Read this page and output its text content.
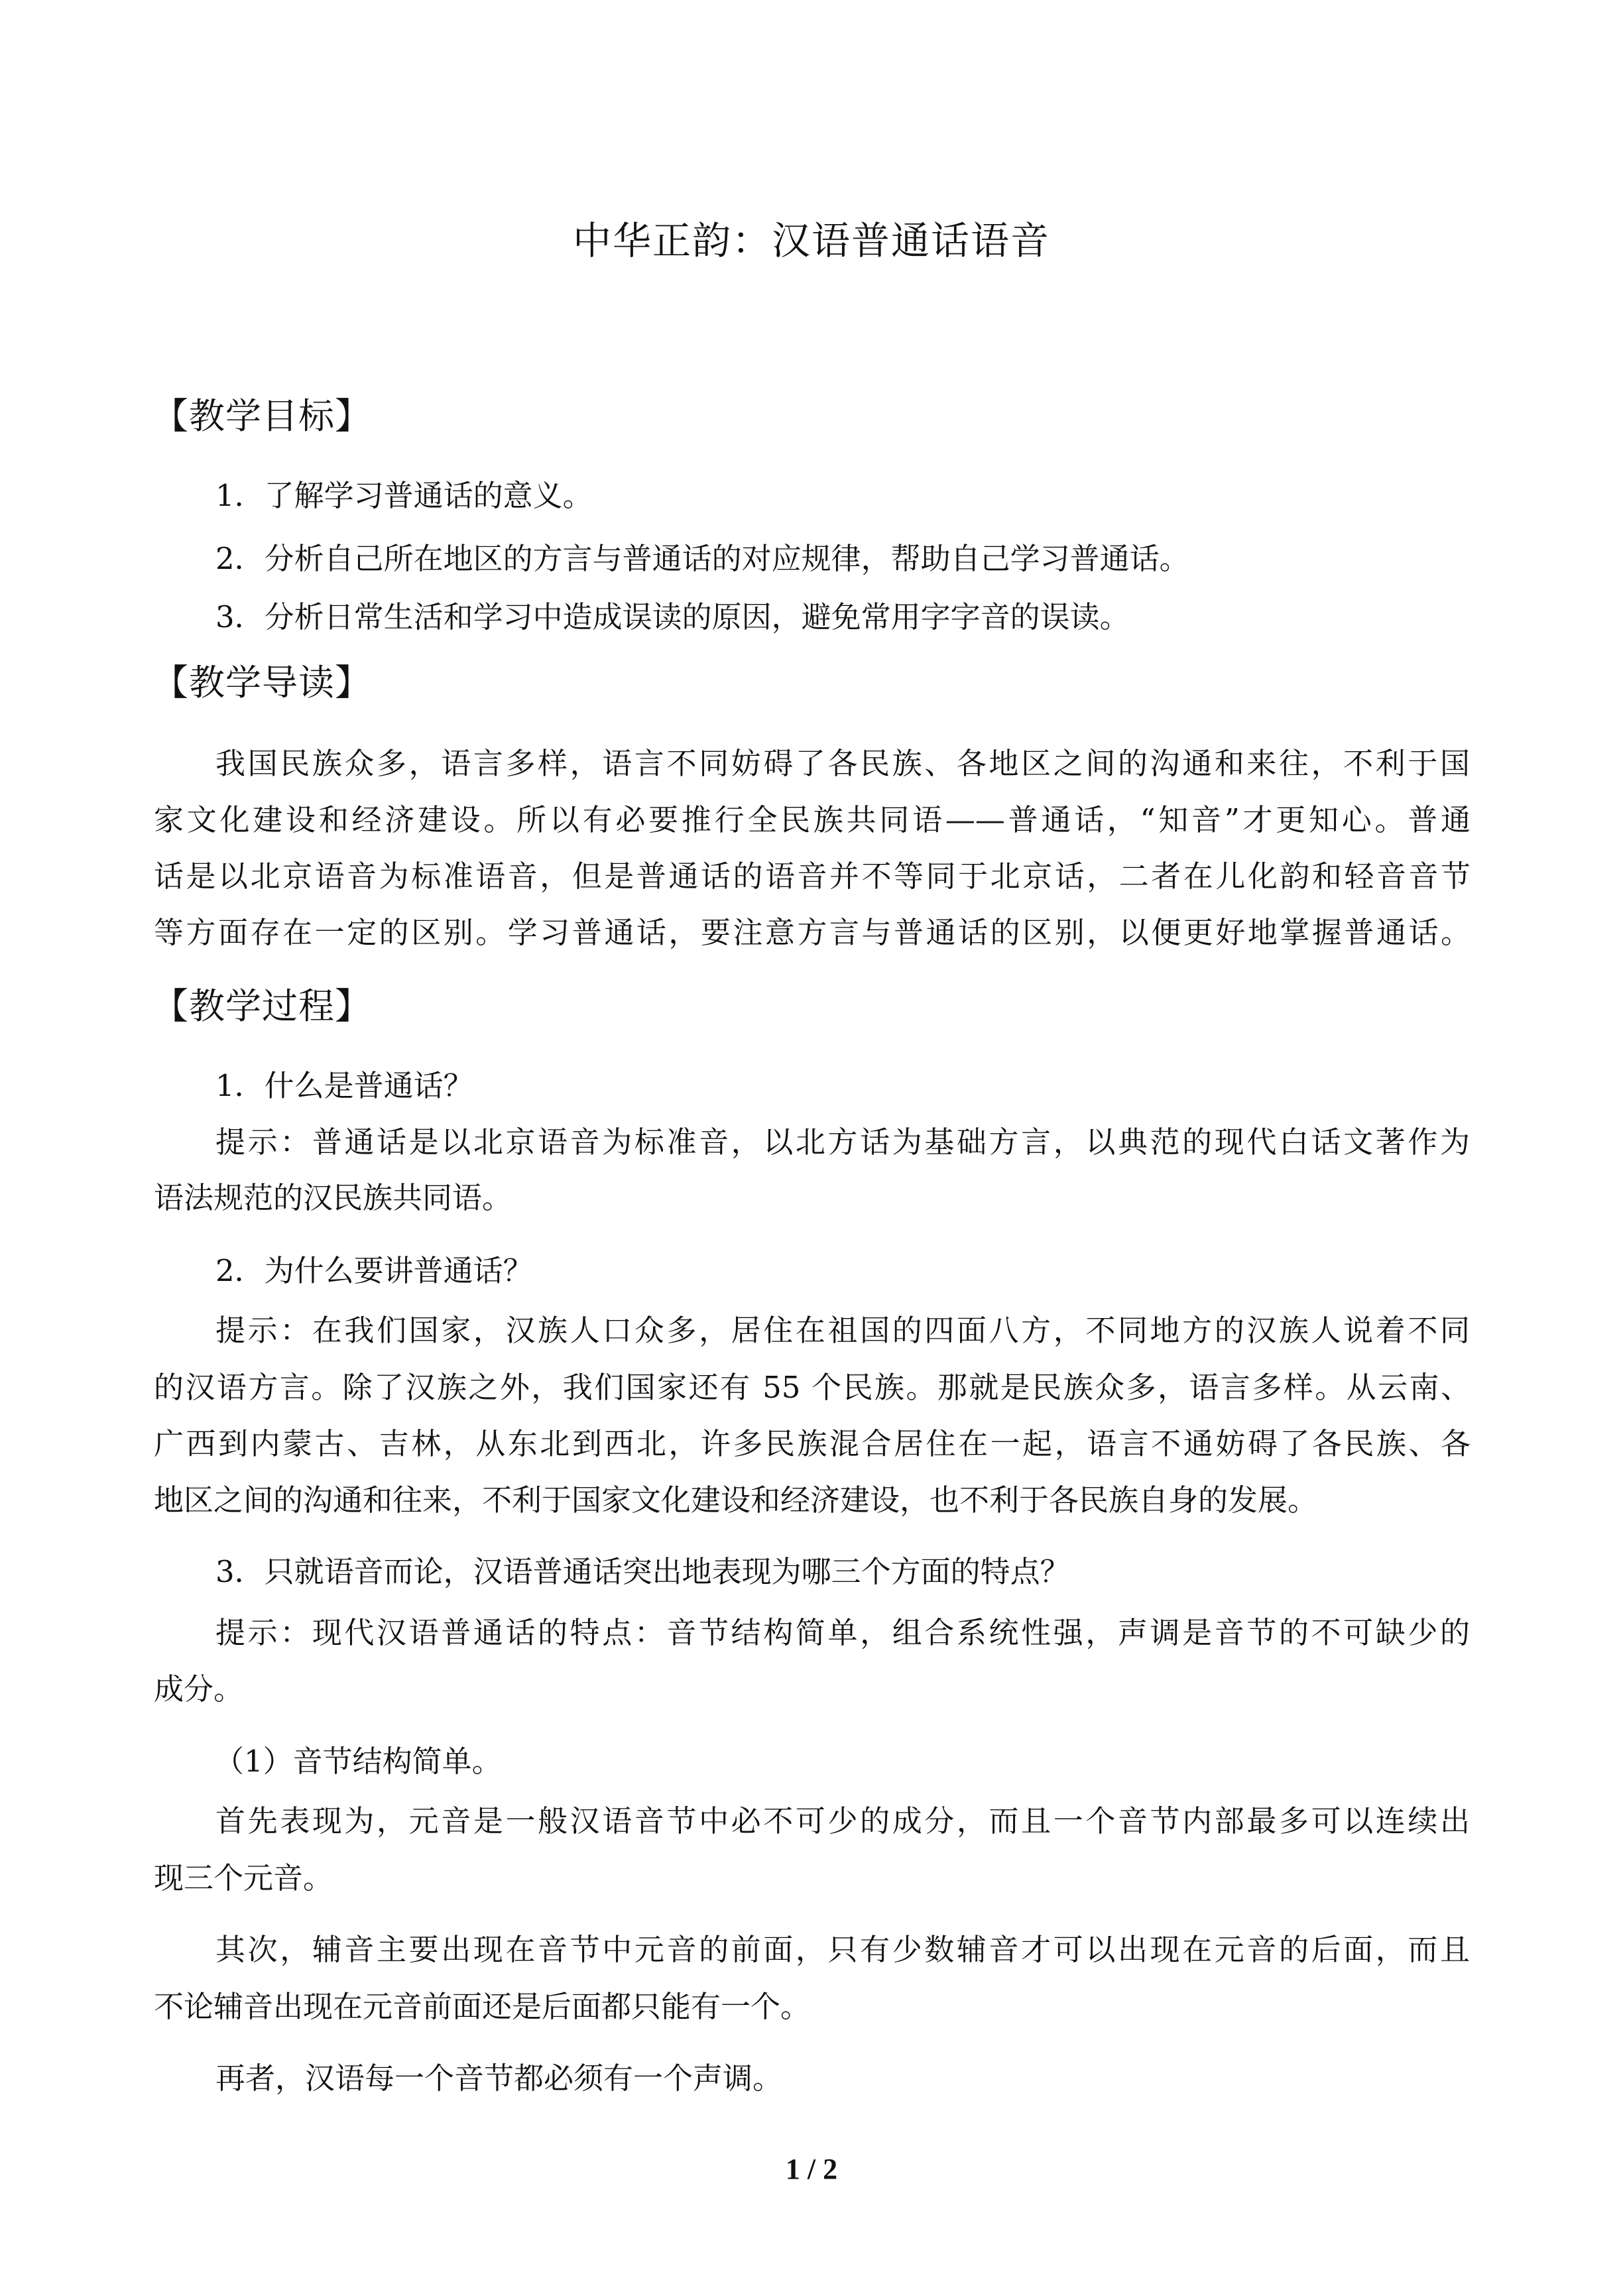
中华正韵：汉语普通话语音
【教学目标】
1．了解学习普通话的意义。
2．分析自己所在地区的方言与普通话的对应规律，帮助自己学习普通话。
3．分析日常生活和学习中造成误读的原因，避免常用字字音的误读。
【教学导读】
我国民族众多，语言多样，语言不同妨碍了各民族、各地区之间的沟通和来往，不利于国
家文化建设和经济建设。所以有必要推行全民族共同语——普通话，“知音”才更知心。普通
话是以北京语音为标准语音，但是普通话的语音并不等同于北京话，二者在儿化韵和轻音音节
等方面存在一定的区别。学习普通话，要注意方言与普通话的区别，以便更好地掌握普通话。
【教学过程】
1．什么是普通话？
提示：普通话是以北京语音为标准音，以北方话为基础方言，以典范的现代白话文著作为
语法规范的汉民族共同语。
2．为什么要讲普通话？
提示：在我们国家，汉族人口众多，居住在祖国的四面八方，不同地方的汉族人说着不同
的汉语方言。除了汉族之外，我们国家还有 55 个民族。那就是民族众多，语言多样。从云南、
广西到内蒙古、吉林，从东北到西北，许多民族混合居住在一起，语言不通妨碍了各民族、各
地区之间的沟通和往来，不利于国家文化建设和经济建设，也不利于各民族自身的发展。
3．只就语音而论，汉语普通话突出地表现为哪三个方面的特点？
提示：现代汉语普通话的特点：音节结构简单，组合系统性强，声调是音节的不可缺少的
成分。
（1）音节结构简单。
首先表现为，元音是一般汉语音节中必不可少的成分，而且一个音节内部最多可以连续出
现三个元音。
其次，辅音主要出现在音节中元音的前面，只有少数辅音才可以出现在元音的后面，而且
不论辅音出现在元音前面还是后面都只能有一个。
再者，汉语每一个音节都必须有一个声调。
1 / 2
